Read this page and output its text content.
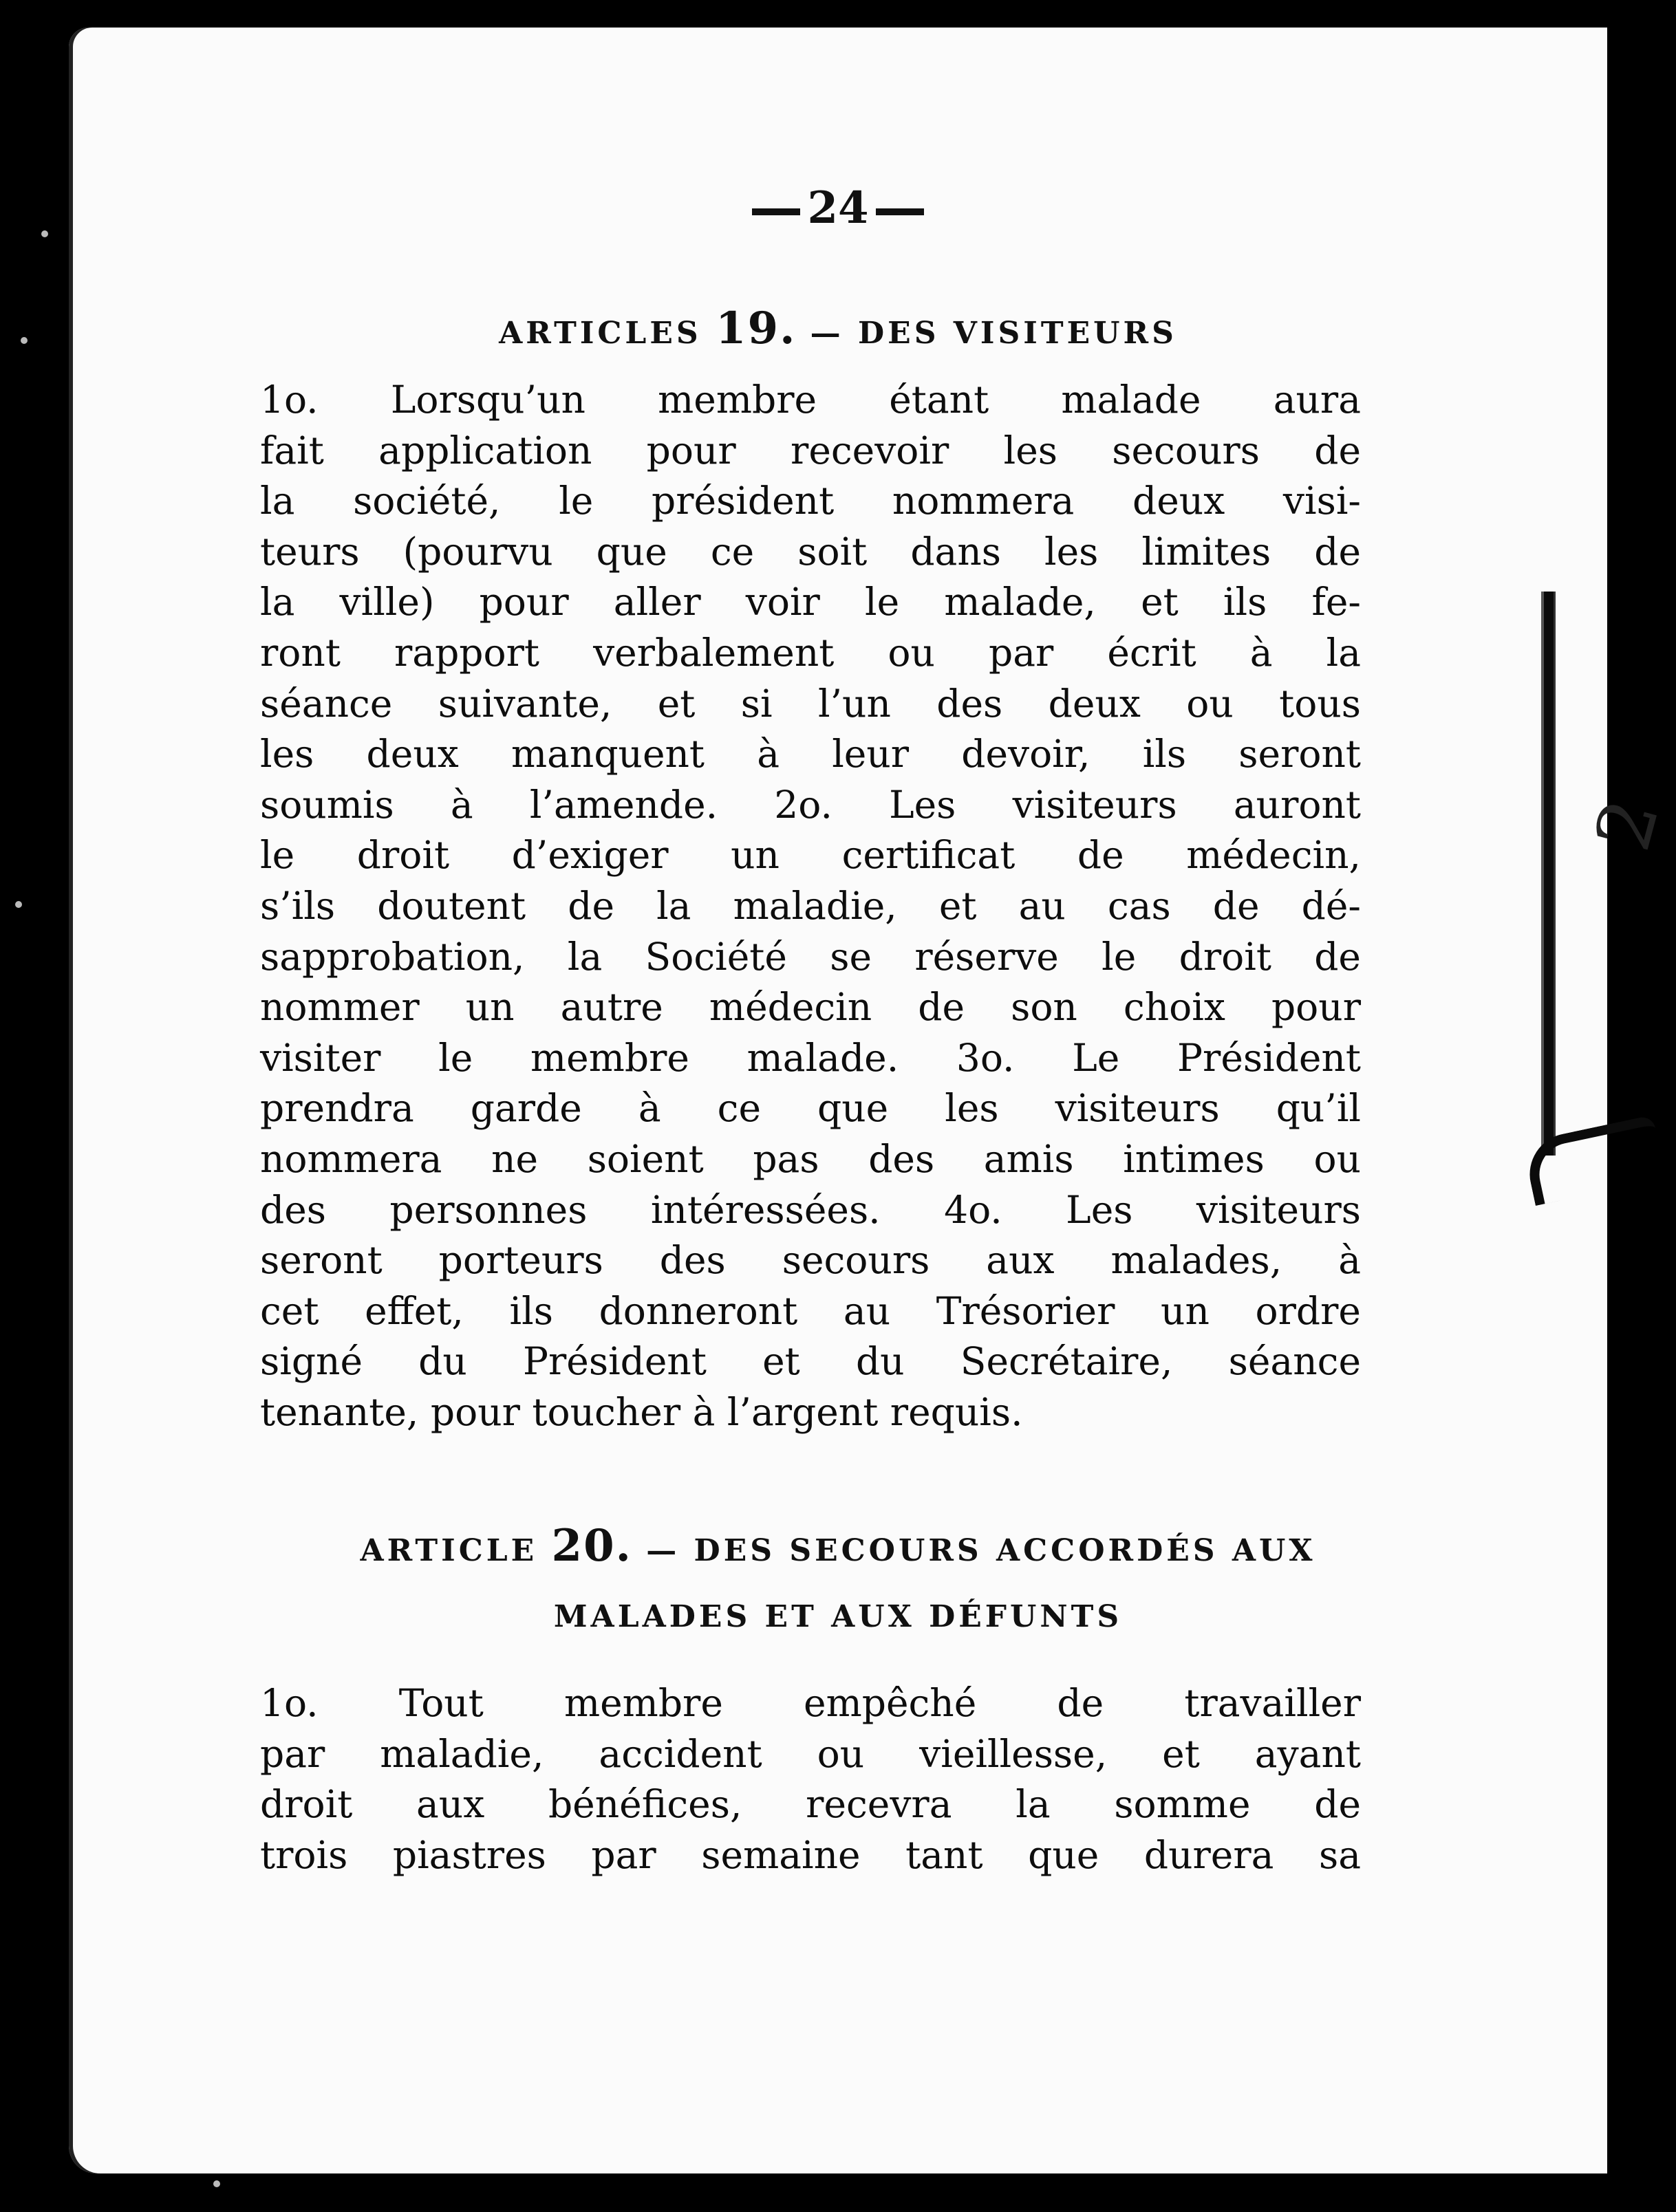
24
ARTICLES 19. — DES VISITEURS
1o. Lorsqu’un membre étant malade aura
fait application pour recevoir les secours de
la société, le président nommera deux visi-
teurs (pourvu que ce soit dans les limites de
la ville) pour aller voir le malade, et ils fe-
ront rapport verbalement ou par écrit à la
séance suivante, et si l’un des deux ou tous
les deux manquent à leur devoir, ils seront
soumis à l’amende. 2o. Les visiteurs auront
le droit d’exiger un certificat de médecin,
s’ils doutent de la maladie, et au cas de dé-
sapprobation, la Société se réserve le droit de
nommer un autre médecin de son choix pour
visiter le membre malade. 3o. Le Président
prendra garde à ce que les visiteurs qu’il
nommera ne soient pas des amis intimes ou
des personnes intéressées. 4o. Les visiteurs
seront porteurs des secours aux malades, à
cet effet, ils donneront au Trésorier un ordre
signé du Président et du Secrétaire, séance
tenante, pour toucher à l’argent requis.
ARTICLE 20. — DES SECOURS ACCORDÉS AUX
MALADES ET AUX DÉFUNTS
1o. Tout membre empêché de travailler
par maladie, accident ou vieillesse, et ayant
droit aux bénéfices, recevra la somme de
trois piastres par semaine tant que durera sa
2
